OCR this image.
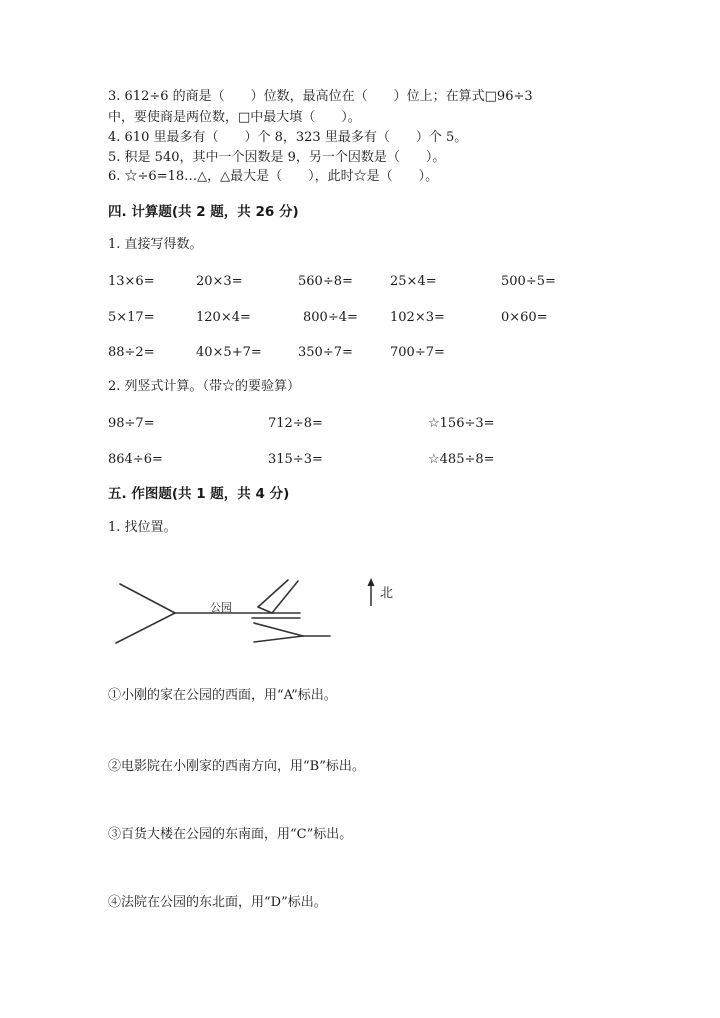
3. 612÷6 的商是（　　）位数，最高位在（　　）位上；在算式□96÷3
中，要使商是两位数，□中最大填（　　）。
4. 610 里最多有（　　）个 8，323 里最多有（　　）个 5。
5. 积是 540，其中一个因数是 9，另一个因数是（　　）。
6. ☆÷6=18…△，△最大是（　　），此时☆是（　　）。
四. 计算题(共 2 题，共 26 分)
1. 直接写得数。
13×6=	20×3=	560÷8=	25×4=	500÷5=
5×17=	120×4=	800÷4= 102×3=	0×60=
88÷2=	40×5+7=	350÷7=	700÷7=
2. 列竖式计算。（带☆的要验算）
98÷7=	712÷8=	☆156÷3=
864÷6=	315÷3=	☆485÷8=
五. 作图题(共 1 题，共 4 分)
1. 找位置。
公园
北
①小刚的家在公园的西面，用“A”标出。
②电影院在小刚家的西南方向，用“B”标出。
③百货大楼在公园的东南面，用“C”标出。
④法院在公园的东北面，用“D”标出。
